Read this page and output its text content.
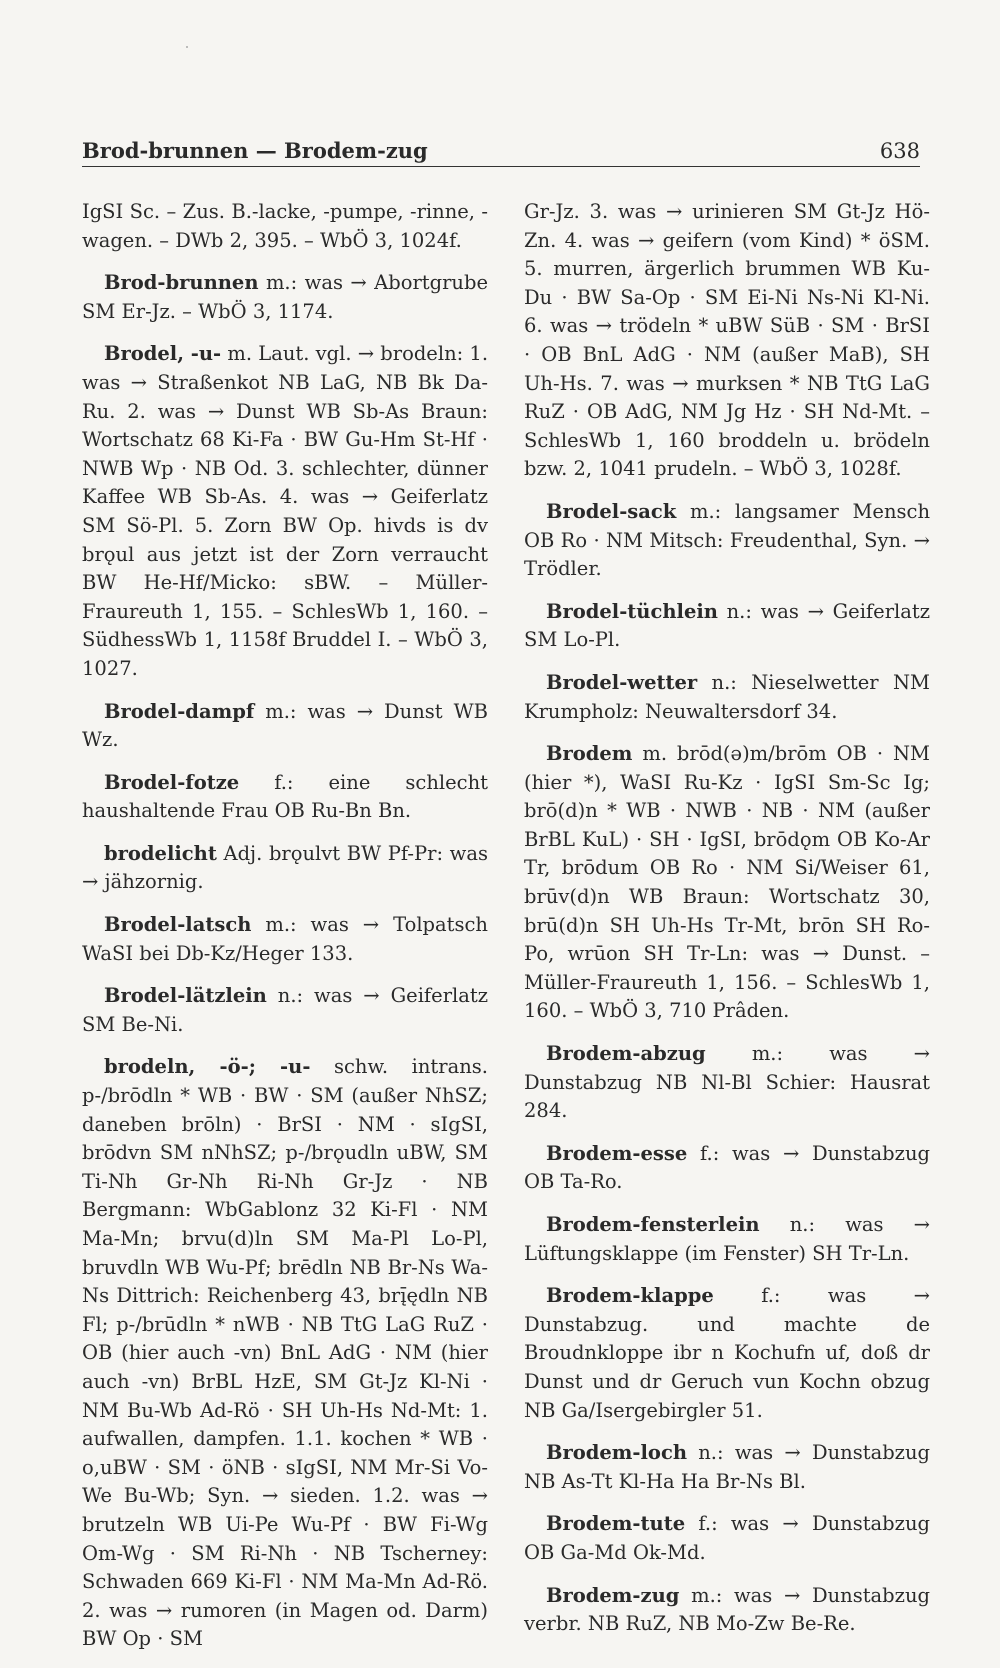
Brod-brunnen — Brodem-zug	638

IgSI Sc. – Zus. B.-lacke, -pumpe, -rinne, -wagen. – DWb 2, 395. – WbÖ 3, 1024f.

Brod-brunnen m.: was → Abortgrube SM Er-Jz. – WbÖ 3, 1174.

Brodel, -u- m. Laut. vgl. → brodeln: 1. was → Straßenkot NB LaG, NB Bk Da-Ru. 2. was → Dunst WB Sb-As Braun: Wortschatz 68 Ki-Fa · BW Gu-Hm St-Hf · NWB Wp · NB Od. 3. schlechter, dünner Kaffee WB Sb-As. 4. was → Geiferlatz SM Sö-Pl. 5. Zorn BW Op. hivds is dv brǫul aus jetzt ist der Zorn verraucht BW He-Hf/Micko: sBW. – Müller-Fraureuth 1, 155. – SchlesWb 1, 160. – SüdhessWb 1, 1158f Bruddel I. – WbÖ 3, 1027.

Brodel-dampf m.: was → Dunst WB Wz.

Brodel-fotze f.: eine schlecht haushaltende Frau OB Ru-Bn Bn.

brodelicht Adj. brǫulvt BW Pf-Pr: was → jähzornig.

Brodel-latsch m.: was → Tolpatsch WaSI bei Db-Kz/Heger 133.

Brodel-lätzlein n.: was → Geiferlatz SM Be-Ni.

brodeln, -ö-; -u- schw. intrans. p-/brōdln * WB · BW · SM (außer NhSZ; daneben brōln) · BrSI · NM · sIgSI, brōdvn SM nNhSZ; p-/brǫudln uBW, SM Ti-Nh Gr-Nh Ri-Nh Gr-Jz · NB Bergmann: WbGablonz 32 Ki-Fl · NM Ma-Mn; brvu(d)ln SM Ma-Pl Lo-Pl, bruvdln WB Wu-Pf; brēdln NB Br-Ns Wa-Ns Dittrich: Reichenberg 43, brį̄ędln NB Fl; p-/brūdln * nWB · NB TtG LaG RuZ · OB (hier auch -vn) BnL AdG · NM (hier auch -vn) BrBL HzE, SM Gt-Jz Kl-Ni · NM Bu-Wb Ad-Rö · SH Uh-Hs Nd-Mt: 1. aufwallen, dampfen. 1.1. kochen * WB · o,uBW · SM · öNB · sIgSI, NM Mr-Si Vo-We Bu-Wb; Syn. → sieden. 1.2. was → brutzeln WB Ui-Pe Wu-Pf · BW Fi-Wg Om-Wg · SM Ri-Nh · NB Tscherney: Schwaden 669 Ki-Fl · NM Ma-Mn Ad-Rö. 2. was → rumoren (in Magen od. Darm) BW Op · SM

Gr-Jz. 3. was → urinieren SM Gt-Jz Hö-Zn. 4. was → geifern (vom Kind) * öSM. 5. murren, ärgerlich brummen WB Ku-Du · BW Sa-Op · SM Ei-Ni Ns-Ni Kl-Ni. 6. was → trödeln * uBW SüB · SM · BrSI · OB BnL AdG · NM (außer MaB), SH Uh-Hs. 7. was → murksen * NB TtG LaG RuZ · OB AdG, NM Jg Hz · SH Nd-Mt. – SchlesWb 1, 160 broddeln u. brödeln bzw. 2, 1041 prudeln. – WbÖ 3, 1028f.

Brodel-sack m.: langsamer Mensch OB Ro · NM Mitsch: Freudenthal, Syn. → Trödler.

Brodel-tüchlein n.: was → Geiferlatz SM Lo-Pl.

Brodel-wetter n.: Nieselwetter NM Krumpholz: Neuwaltersdorf 34.

Brodem m. brōd(ə)m/brōm OB · NM (hier *), WaSI Ru-Kz · IgSI Sm-Sc Ig; brō(d)n * WB · NWB · NB · NM (außer BrBL KuL) · SH · IgSI, brōdǫm OB Ko-Ar Tr, brōdum OB Ro · NM Si/Weiser 61, brūv(d)n WB Braun: Wortschatz 30, brū(d)n SH Uh-Hs Tr-Mt, brōn SH Ro-Po, wrūon SH Tr-Ln: was → Dunst. – Müller-Fraureuth 1, 156. – SchlesWb 1, 160. – WbÖ 3, 710 Prâden.

Brodem-abzug m.: was → Dunstabzug NB Nl-Bl Schier: Hausrat 284.

Brodem-esse f.: was → Dunstabzug OB Ta-Ro.

Brodem-fensterlein n.: was → Lüftungsklappe (im Fenster) SH Tr-Ln.

Brodem-klappe f.: was → Dunstabzug. und machte de Broudnkloppe ibr n Kochufn uf, doß dr Dunst und dr Geruch vun Kochn obzug NB Ga/Isergebirgler 51.

Brodem-loch n.: was → Dunstabzug NB As-Tt Kl-Ha Ha Br-Ns Bl.

Brodem-tute f.: was → Dunstabzug OB Ga-Md Ok-Md.

Brodem-zug m.: was → Dunstabzug verbr. NB RuZ, NB Mo-Zw Be-Re.
